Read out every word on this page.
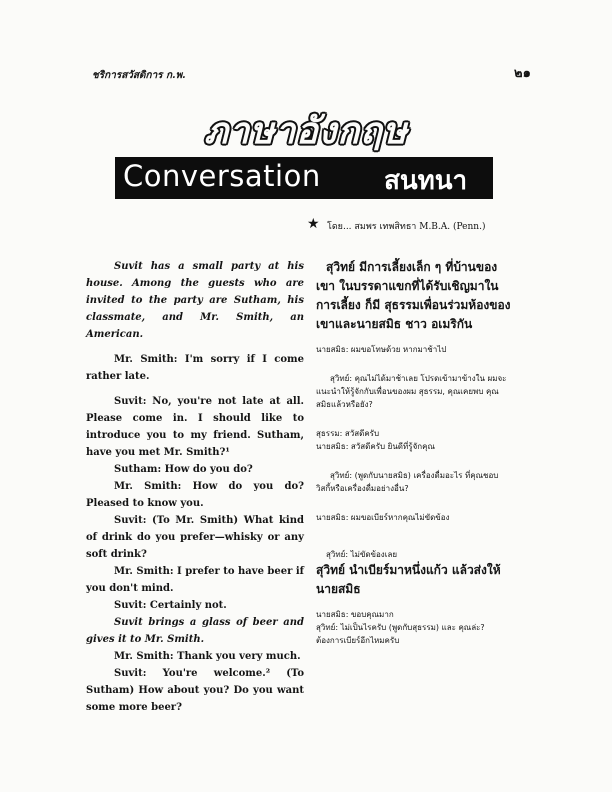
ชริการสวัสดิการ ก.พ.	๒๑
ภาษาอังกฤษ
Conversation สนทนา
★ โดย... สมพร เทพสิทธา M.B.A. (Penn.)

Suvit has a small party at his house. Among the guests who are invited to the party are Sutham, his classmate, and Mr. Smith, an American.

Mr. Smith: I'm sorry if I come rather late.

Suvit: No, you're not late at all. Please come in. I should like to introduce you to my friend. Sutham, have you met Mr. Smith?¹

Sutham: How do you do?

Mr. Smith: How do you do? Pleased to know you.

Suvit: (To Mr. Smith) What kind of drink do you prefer—whisky or any soft drink?

Mr. Smith: I prefer to have beer if you don't mind.

Suvit: Certainly not.

Suvit brings a glass of beer and gives it to Mr. Smith.

Mr. Smith: Thank you very much.

Suvit: You're welcome.² (To Sutham) How about you? Do you want some more beer?

สุวิทย์ มีการเลี้ยงเล็ก ๆ ที่บ้านของเขา ในบรรดาแขกที่ได้รับเชิญมาในการเลี้ยง ก็มี สุธรรมเพื่อนร่วมห้องของเขาและนายสมิธ ชาว อเมริกัน

นายสมิธ: ผมขอโทษด้วย หากมาช้าไป

สุวิทย์: คุณไม่ได้มาช้าเลย โปรดเข้ามาข้างใน ผมจะแนะนำให้รู้จักกับเพื่อนของผม สุธรรม, คุณเคยพบ คุณสมิธแล้วหรือยัง?

สุธรรม: สวัสดีครับ

นายสมิธ: สวัสดีครับ ยินดีที่รู้จักคุณ

สุวิทย์: (พูดกับนายสมิธ) เครื่องดื่มอะไร ที่คุณชอบ วิสกี้หรือเครื่องดื่มอย่างอื่น?

นายสมิธ: ผมขอเบียร์หากคุณไม่ขัดข้อง

สุวิทย์: ไม่ขัดข้องเลย

สุวิทย์ นำเบียร์มาหนึ่งแก้ว แล้วส่งให้ นายสมิธ

นายสมิธ: ขอบคุณมาก

สุวิทย์: ไม่เป็นไรครับ (พูดกับสุธรรม) และ คุณล่ะ? ต้องการเบียร์อีกไหมครับ
